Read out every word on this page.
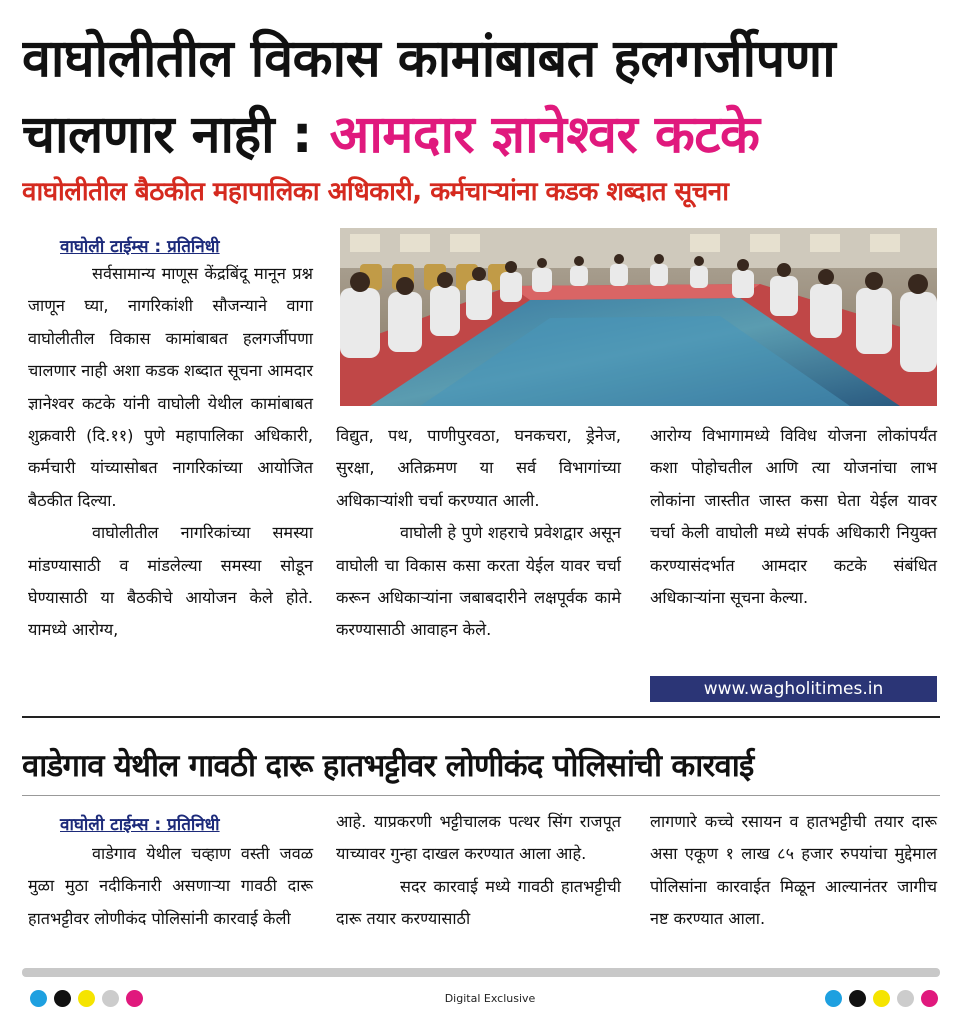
वाघोलीतील विकास कामांबाबत हलगर्जीपणा
चालणार नाही : आमदार ज्ञानेश्वर कटके
वाघोलीतील बैठकीत महापालिका अधिकारी, कर्मचाऱ्यांना कडक शब्दात सूचना
वाघोली टाईम्स : प्रतिनिधी

सर्वसामान्य माणूस केंद्रबिंदू मानून प्रश्न जाणून घ्या, नागरिकांशी सौजन्याने वागा वाघोलीतील विकास कामांबाबत हलगर्जीपणा चालणार नाही अशा कडक शब्दात सूचना आमदार ज्ञानेश्वर कटके यांनी वाघोली येथील कामांबाबत शुक्रवारी (दि.११) पुणे महापालिका अधिकारी, कर्मचारी यांच्यासोबत नागरिकांच्या आयोजित बैठकीत दिल्या.

वाघोलीतील नागरिकांच्या समस्या मांडण्यासाठी व मांडलेल्या समस्या सोडून घेण्यासाठी या बैठकीचे आयोजन केले होते. यामध्ये आरोग्य,

विद्युत, पथ, पाणीपुरवठा, घनकचरा, ड्रेनेज, सुरक्षा, अतिक्रमण या सर्व विभागांच्या अधिकाऱ्यांशी चर्चा करण्यात आली.

वाघोली हे पुणे शहराचे प्रवेशद्वार असून वाघोली चा विकास कसा करता येईल यावर चर्चा करून अधिकाऱ्यांना जबाबदारीने लक्षपूर्वक कामे करण्यासाठी आवाहन केले.

आरोग्य विभागामध्ये विविध योजना लोकांपर्यंत कशा पोहोचतील आणि त्या योजनांचा लाभ लोकांना जास्तीत जास्त कसा घेता येईल यावर चर्चा केली वाघोली मध्ये संपर्क अधिकारी नियुक्त करण्यासंदर्भात आमदार कटके संबंधित अधिकाऱ्यांना सूचना केल्या.

www.wagholitimes.in
वाडेगाव येथील गावठी दारू हातभट्टीवर लोणीकंद पोलिसांची कारवाई
वाघोली टाईम्स : प्रतिनिधी

वाडेगाव येथील चव्हाण वस्ती जवळ मुळा मुठा नदीकिनारी असणाऱ्या गावठी दारू हातभट्टीवर लोणीकंद पोलिसांनी कारवाई केली

आहे. याप्रकरणी भट्टीचालक पत्थर सिंग राजपूत याच्यावर गुन्हा दाखल करण्यात आला आहे.

सदर कारवाई मध्ये गावठी हातभट्टीची दारू तयार करण्यासाठी

लागणारे कच्चे रसायन व हातभट्टीची तयार दारू असा एकूण १ लाख ८५ हजार रुपयांचा मुद्देमाल पोलिसांना कारवाईत मिळून आल्यानंतर जागीच नष्ट करण्यात आला.

Digital Exclusive
